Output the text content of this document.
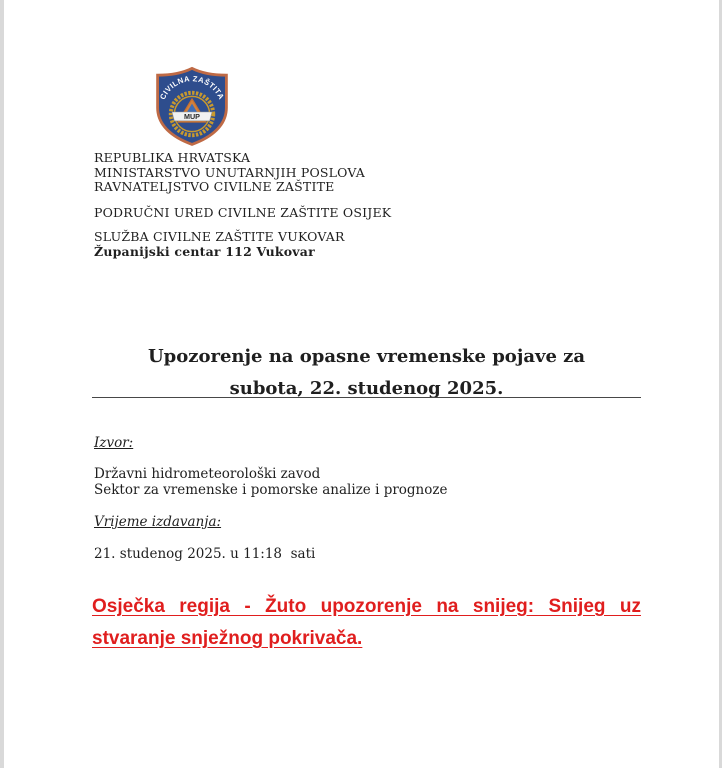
CIVILNA ZAŠTITA
MUP
REPUBLIKA HRVATSKA
MINISTARSTVO UNUTARNJIH POSLOVA
RAVNATELJSTVO CIVILNE ZAŠTITE
PODRUČNI URED CIVILNE ZAŠTITE OSIJEK
SLUŽBA CIVILNE ZAŠTITE VUKOVAR
Županijski centar 112 Vukovar
Upozorenje na opasne vremenske pojave za
subota, 22. studenog 2025.
Izvor:
Državni hidrometeorološki zavod
Sektor za vremenske i pomorske analize i prognoze
Vrijeme izdavanja:
21. studenog 2025. u 11:18  sati
Osječka regija - Žuto upozorenje na snijeg: Snijeg uz
stvaranje snježnog pokrivača.
